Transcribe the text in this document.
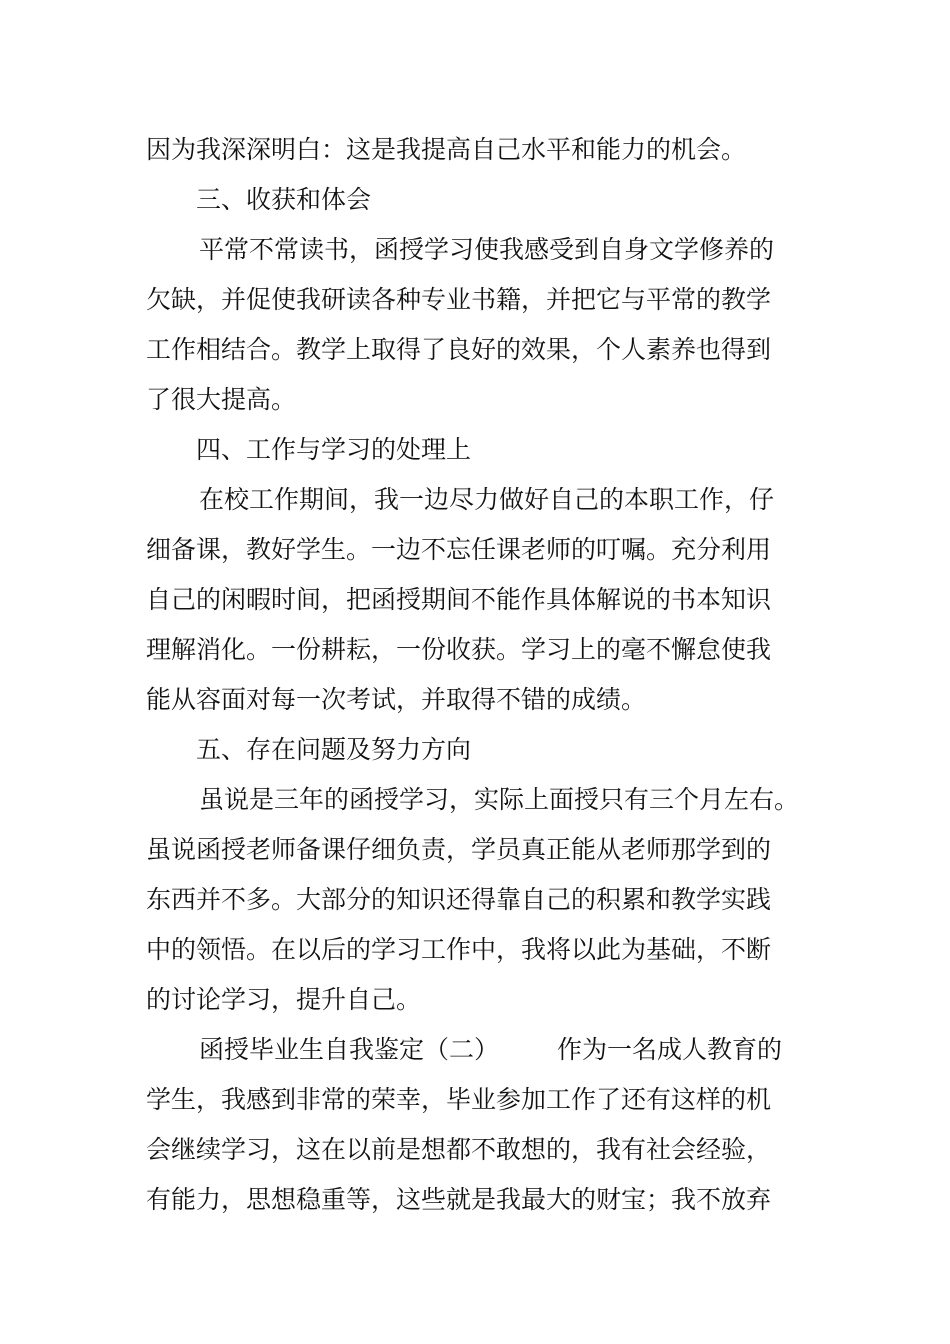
因为我深深明白：这是我提高自己水平和能力的机会。
三、收获和体会
平常不常读书，函授学习使我感受到自身文学修养的
欠缺，并促使我研读各种专业书籍，并把它与平常的教学
工作相结合。教学上取得了良好的效果，个人素养也得到
了很大提高。
四、工作与学习的处理上
在校工作期间，我一边尽力做好自己的本职工作，仔
细备课，教好学生。一边不忘任课老师的叮嘱。充分利用
自己的闲暇时间，把函授期间不能作具体解说的书本知识
理解消化。一份耕耘，一份收获。学习上的毫不懈怠使我
能从容面对每一次考试，并取得不错的成绩。
五、存在问题及努力方向
虽说是三年的函授学习，实际上面授只有三个月左右。
虽说函授老师备课仔细负责，学员真正能从老师那学到的
东西并不多。大部分的知识还得靠自己的积累和教学实践
中的领悟。在以后的学习工作中，我将以此为基础，不断
的讨论学习，提升自己。
函授毕业生自我鉴定（二） 作为一名成人教育的
学生，我感到非常的荣幸，毕业参加工作了还有这样的机
会继续学习，这在以前是想都不敢想的，我有社会经验，
有能力，思想稳重等，这些就是我最大的财宝；我不放弃
